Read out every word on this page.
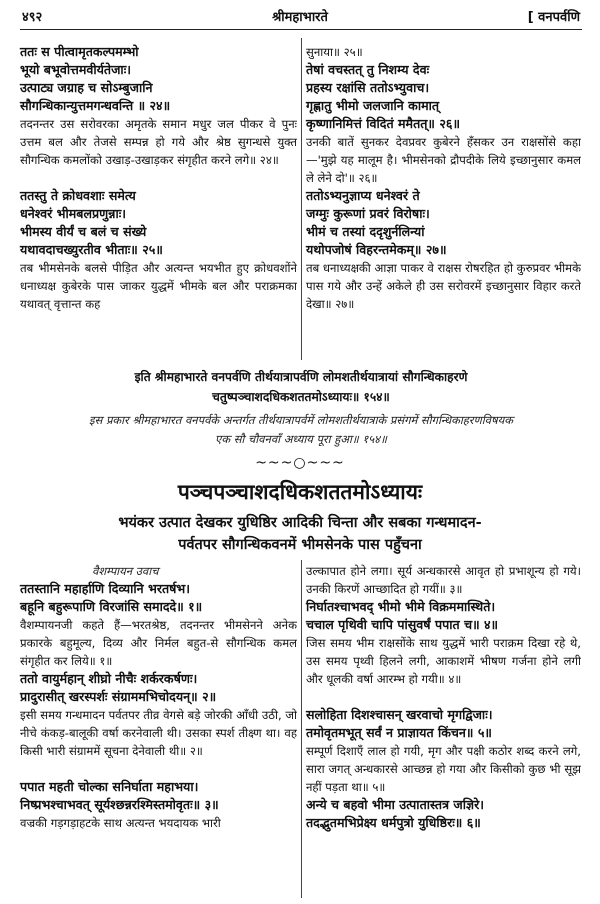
४९२	श्रीमहाभारते	[ वनपर्वणि
ततः स पीत्वामृतकल्पमम्भो
भूयो बभूवोत्तमवीर्यतेजाः।
उत्पाट्य जग्राह च सोऽम्बुजानि
सौगन्धिकान्युत्तमगन्धवन्ति ॥ २४॥
तदनन्तर उस सरोवरका अमृतके समान मधुर जल पीकर वे पुनः उत्तम बल और तेजसे सम्पन्न हो गये और श्रेष्ठ सुगन्धसे युक्त सौगन्धिक कमलोंको उखाड़-उखाड़कर संगृहीत करने लगे॥ २४॥
ततस्तु ते क्रोधवशाः समेत्य
धनेश्वरं भीमबलप्रणुन्नाः।
भीमस्य वीर्यं च बलं च संख्ये
यथावदाचख्युरतीव भीताः॥ २५॥
तब भीमसेनके बलसे पीड़ित और अत्यन्त भयभीत हुए क्रोधवशोंने धनाध्यक्ष कुबेरके पास जाकर युद्धमें भीमके बल और पराक्रमका यथावत् वृत्तान्त कह
सुनाया॥ २५॥
तेषां वचस्तत् तु निशम्य देवः
प्रहस्य रक्षांसि ततोऽभ्युवाच।
गृह्णातु भीमो जलजानि कामात्
कृष्णानिमित्तं विदितं ममैतत्॥ २६॥
उनकी बातें सुनकर देवप्रवर कुबेरने हँसकर उन राक्षसोंसे कहा—'मुझे यह मालूम है। भीमसेनको द्रौपदीके लिये इच्छानुसार कमल ले लेने दो'॥ २६॥
ततोऽभ्यनुज्ञाप्य धनेश्वरं ते
जग्मुः कुरूणां प्रवरं विरोषाः।
भीमं च तस्यां ददृशुर्नलिन्यां
यथोपजोषं विहरन्तमेकम्॥ २७॥
तब धनाध्यक्षकी आज्ञा पाकर वे राक्षस रोषरहित हो कुरुप्रवर भीमके पास गये और उन्हें अकेले ही उस सरोवरमें इच्छानुसार विहार करते देखा॥ २७॥
इति श्रीमहाभारते वनपर्वणि तीर्थयात्रापर्वणि लोमशतीर्थयात्रायां सौगन्धिकाहरणे
चतुष्पञ्चाशदधिकशततमोऽध्यायः॥ १५४॥
इस प्रकार श्रीमहाभारत वनपर्वके अन्तर्गत तीर्थयात्रापर्वमें लोमशतीर्थयात्राके प्रसंगमें सौगन्धिकाहरणविषयक
एक सौ चौवनवाँ अध्याय पूरा हुआ॥ १५४॥
~~~○~~~
पञ्चपञ्चाशदधिकशततमोऽध्यायः
भयंकर उत्पात देखकर युधिष्ठिर आदिकी चिन्ता और सबका गन्धमादन-
पर्वतपर सौगन्धिकवनमें भीमसेनके पास पहुँचना
वैशम्पायन उवाच
ततस्तानि महार्हाणि दिव्यानि भरतर्षभ।
बहूनि बहुरूपाणि विरजांसि समाददे॥ १॥
वैशम्पायनजी कहते हैं—भरतश्रेष्ठ, तदनन्तर भीमसेनने अनेक प्रकारके बहुमूल्य, दिव्य और निर्मल बहुत-से सौगन्धिक कमल संगृहीत कर लिये॥ १॥
ततो वायुर्महान् शीघ्रो नीचैः शर्करकर्षणः।
प्रादुरासीत् खरस्पर्शः संग्राममभिचोदयन्॥ २॥
इसी समय गन्धमादन पर्वतपर तीव्र वेगसे बड़े जोरकी आँधी उठी, जो नीचे कंकड़-बालूकी वर्षा करनेवाली थी। उसका स्पर्श तीक्ष्ण था। वह किसी भारी संग्राममें सूचना देनेवाली थी॥ २॥
पपात महती चोल्का सनिर्घाता महाभया।
निष्प्रभश्चाभवत् सूर्यश्छन्नरश्मिस्तमोवृतः॥ ३॥
वज्रकी गड़गड़ाहटके साथ अत्यन्त भयदायक भारी
उल्कापात होने लगा। सूर्य अन्धकारसे आवृत हो प्रभाशून्य हो गये। उनकी किरणें आच्छादित हो गयीं॥ ३॥
निर्घातश्चाभवद् भीमो भीमे विक्रममास्थिते।
चचाल पृथिवी चापि पांसुवर्षं पपात च॥ ४॥
जिस समय भीम राक्षसोंके साथ युद्धमें भारी पराक्रम दिखा रहे थे, उस समय पृथ्वी हिलने लगी, आकाशमें भीषण गर्जना होने लगी और धूलकी वर्षा आरम्भ हो गयी॥ ४॥
सलोहिता दिशश्चासन् खरवाचो मृगद्विजाः।
तमोवृतमभूत् सर्वं न प्राज्ञायत किंचन॥ ५॥
सम्पूर्ण दिशाएँ लाल हो गयी, मृग और पक्षी कठोर शब्द करने लगे, सारा जगत् अन्धकारसे आच्छन्न हो गया और किसीको कुछ भी सूझ नहीं पड़ता था॥ ५॥
अन्ये च बहवो भीमा उत्पातास्तत्र जज्ञिरे।
तदद्भुतमभिप्रेक्ष्य धर्मपुत्रो युधिष्ठिरः॥ ६॥
